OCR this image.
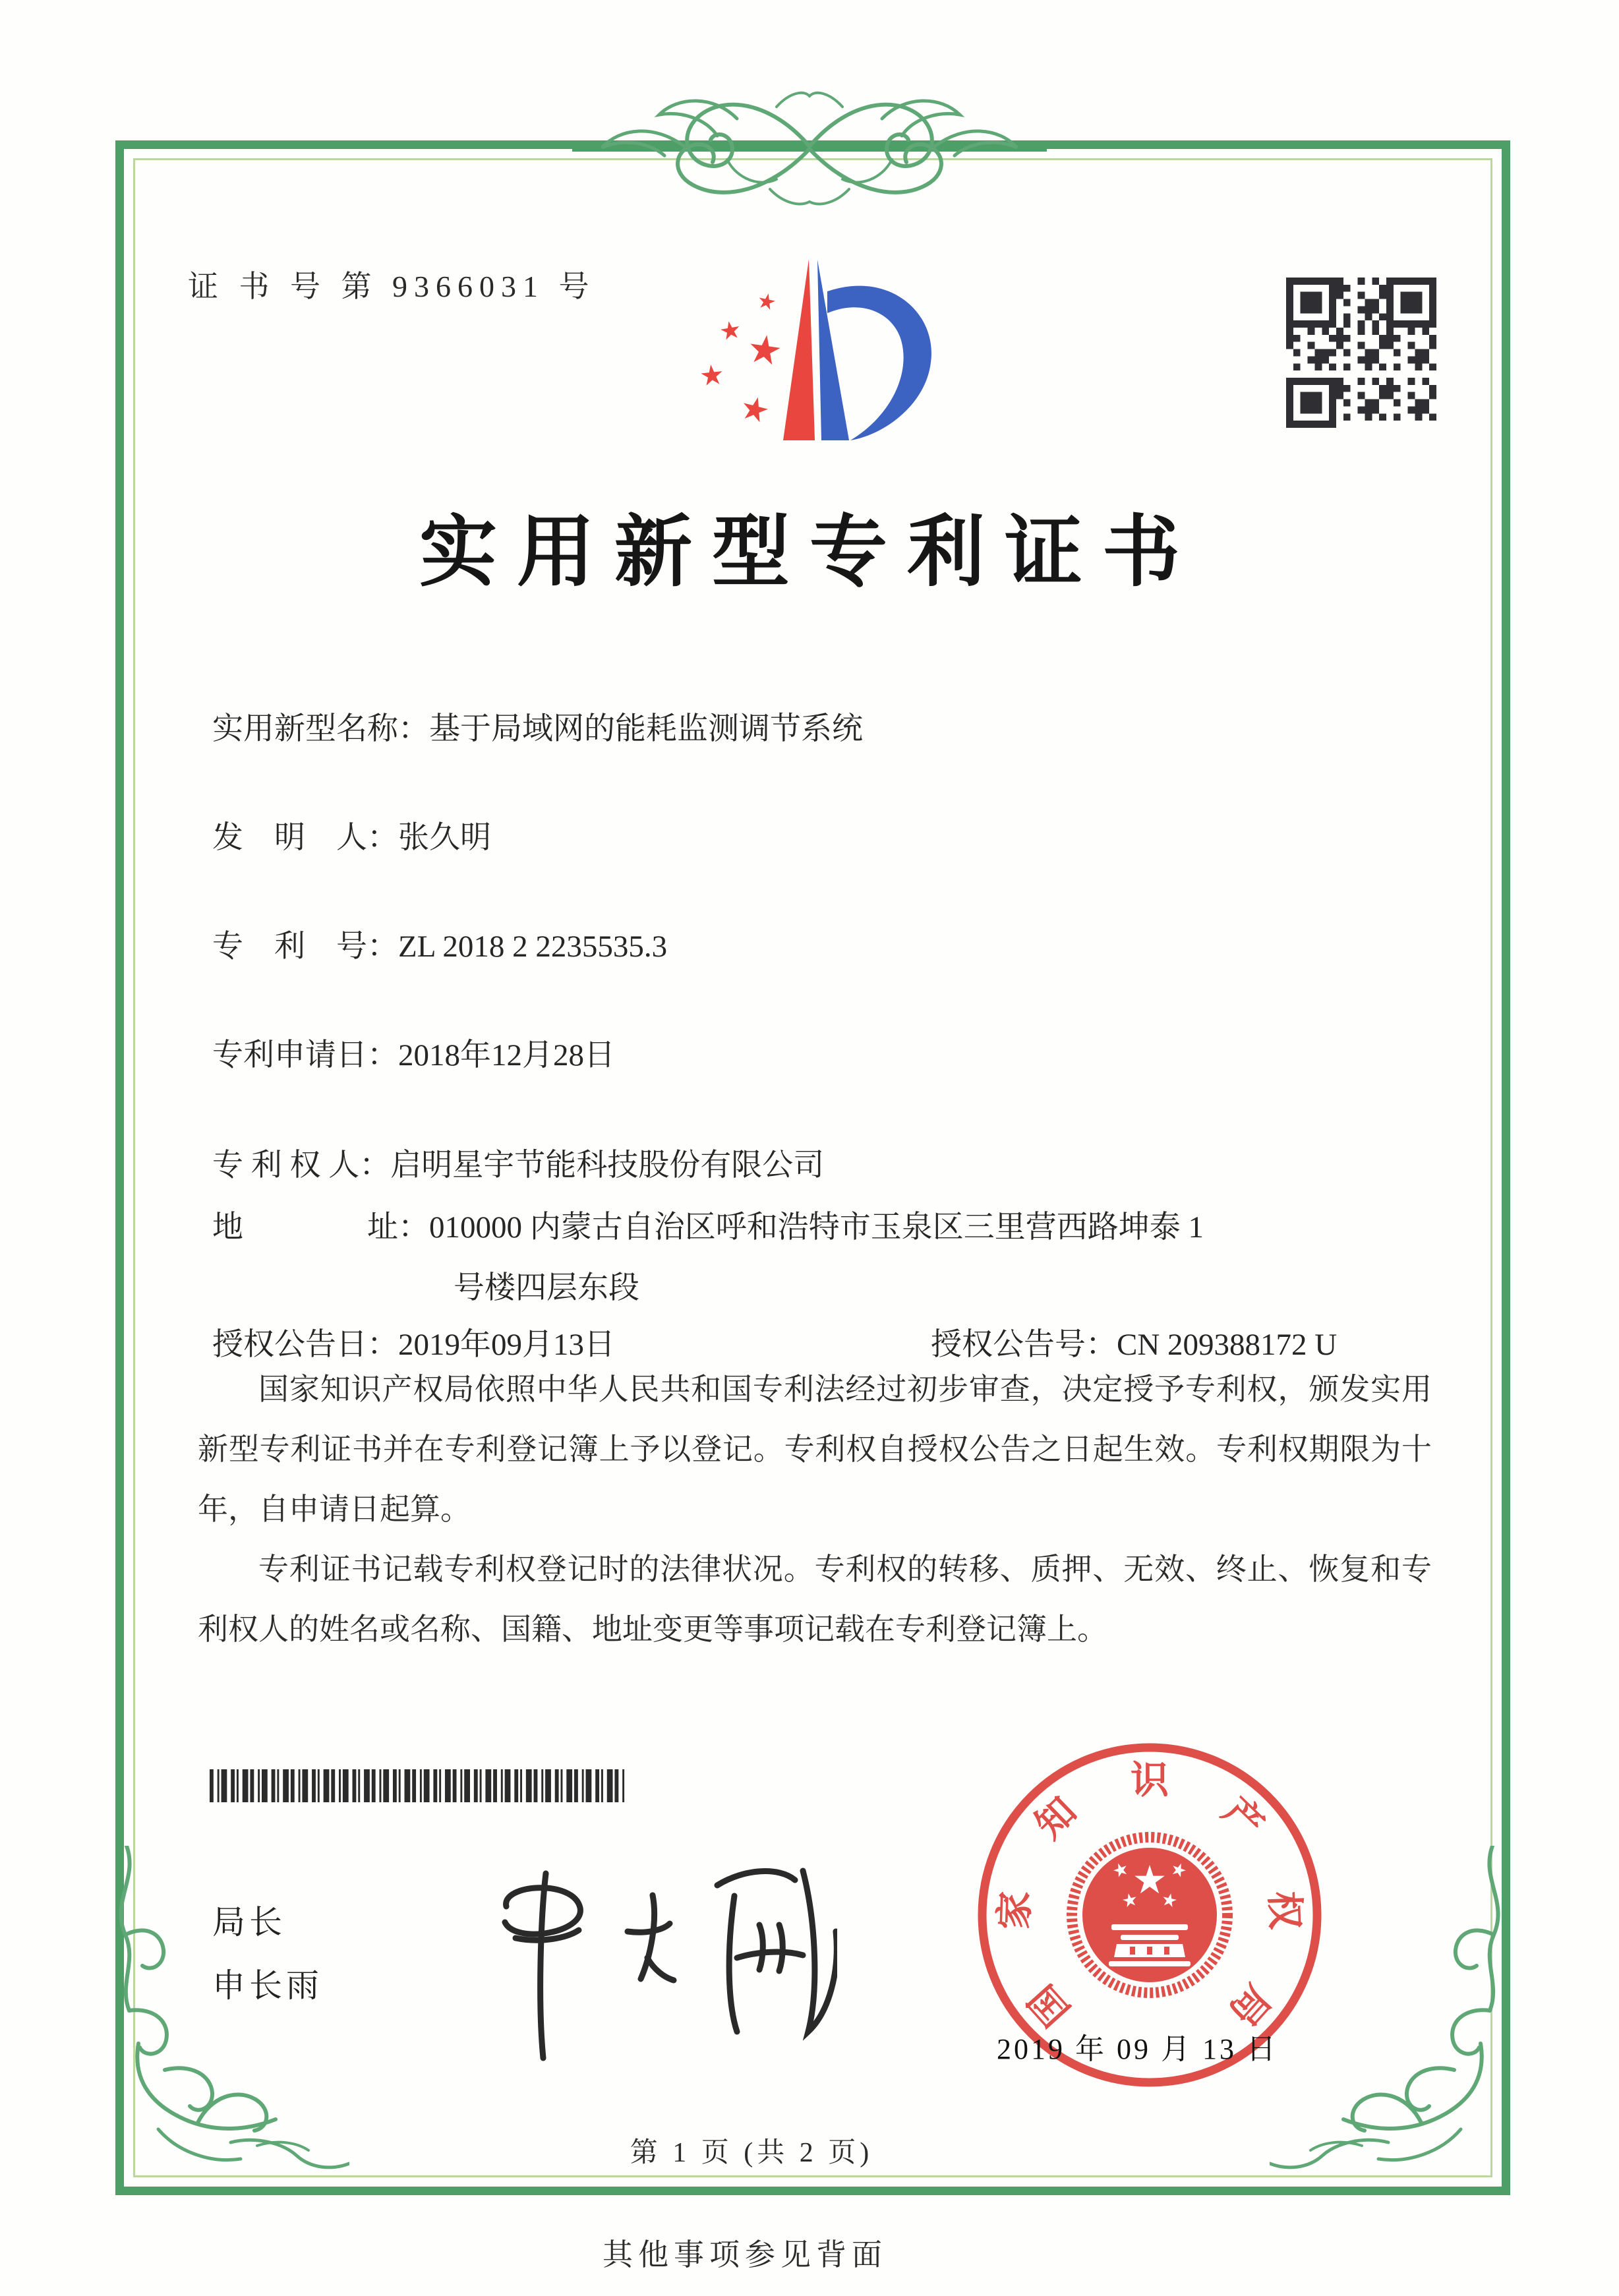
证 书 号 第 9366031 号
实用新型专利证书
实用新型名称：基于局域网的能耗监测调节系统
发　明　人：张久明
专　利　号：ZL 2018 2 2235535.3
专利申请日：2018年12月28日
专 利 权 人：启明星宇节能科技股份有限公司
地　　　　址：010000 内蒙古自治区呼和浩特市玉泉区三里营西路坤泰 1
号楼四层东段
授权公告日：2019年09月13日	授权公告号：CN 209388172 U

国家知识产权局依照中华人民共和国专利法经过初步审查，决定授予专利权，颁发实用新型专利证书并在专利登记簿上予以登记。专利权自授权公告之日起生效。专利权期限为十年，自申请日起算。

专利证书记载专利权登记时的法律状况。专利权的转移、质押、无效、终止、恢复和专利权人的姓名或名称、国籍、地址变更等事项记载在专利登记簿上。

局长
申长雨	国
家
知
识
产
权
局
2019 年 09 月 13 日
第 1 页 (共 2 页)
其他事项参见背面
